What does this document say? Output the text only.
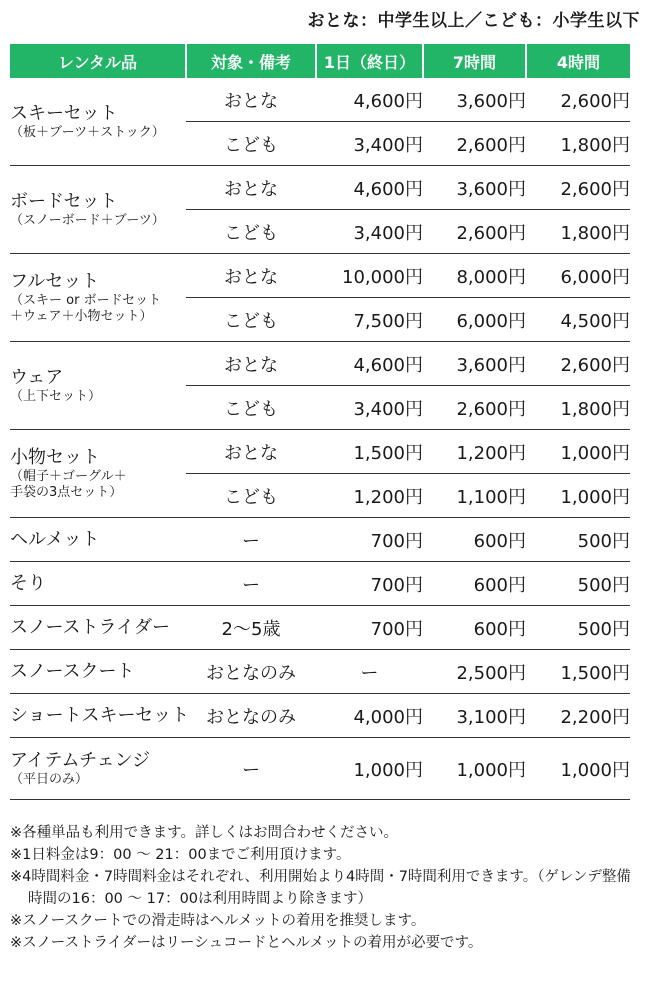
おとな：中学生以上／こども：小学生以下
レンタル品	対象・備考	1日（終日）	7時間	4時間

スキーセット
（板＋ブーツ＋ストック）	おとな	4,600円	3,600円	2,600円
	こども	3,400円	2,600円	1,800円

ボードセット
（スノーボード＋ブーツ）	おとな	4,600円	3,600円	2,600円
	こども	3,400円	2,600円	1,800円

フルセット
（スキー or ボードセット
＋ウェア＋小物セット）	おとな	10,000円	8,000円	6,000円
	こども	7,500円	6,000円	4,500円

ウェア
（上下セット）	おとな	4,600円	3,600円	2,600円
	こども	3,400円	2,600円	1,800円

小物セット
（帽子＋ゴーグル＋
手袋の3点セット）	おとな	1,500円	1,200円	1,000円
	こども	1,200円	1,100円	1,000円

ヘルメット	ー	700円	600円	500円

そり	ー	700円	600円	500円

スノーストライダー	2〜5歳	700円	600円	500円

スノースクート	おとなのみ	ー	2,500円	1,500円

ショートスキーセット	おとなのみ	4,000円	3,100円	2,200円

アイテムチェンジ
（平日のみ）	ー	1,000円	1,000円	1,000円
※各種単品も利用できます。詳しくはお問合わせください。
※1日料金は9：00 〜 21：00までご利用頂けます。
※4時間料金・7時間料金はそれぞれ、利用開始より4時間・7時間利用できます。（ゲレンデ整備時間の16：00 〜 17：00は利用時間より除きます）
※スノースクートでの滑走時はヘルメットの着用を推奨します。
※スノーストライダーはリーシュコードとヘルメットの着用が必要です。
